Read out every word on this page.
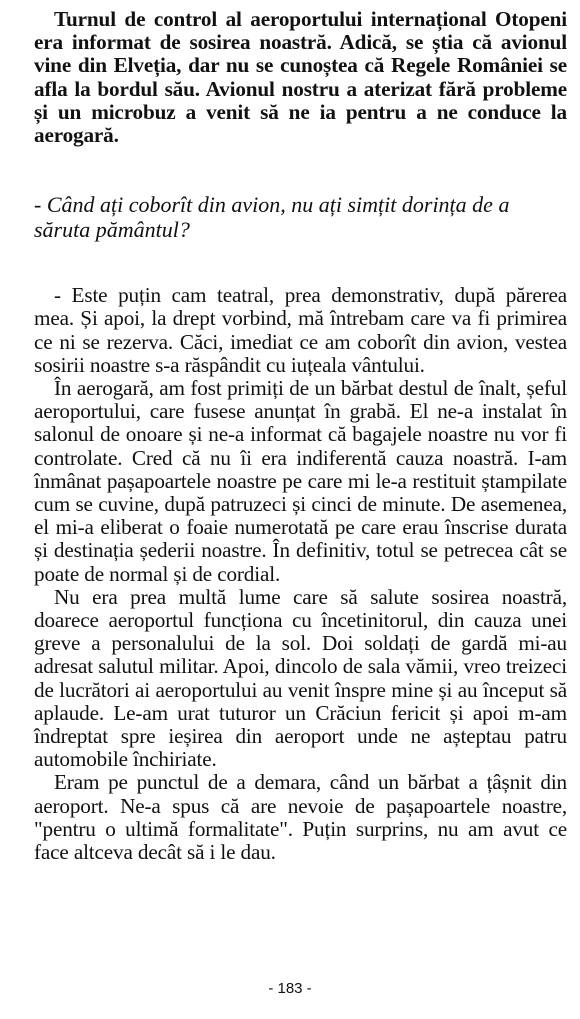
Turnul de control al aeroportului internațional Otopeni era informat de sosirea noastră. Adică, se știa că avionul vine din Elveția, dar nu se cunoștea că Regele României se afla la bordul său. Avionul nostru a aterizat fără probleme și un microbuz a venit să ne ia pentru a ne conduce la aerogară.

- Când ați coborît din avion, nu ați simțit dorința de a săruta pământul?

- Este puțin cam teatral, prea demonstrativ, după părerea mea. Și apoi, la drept vorbind, mă întrebam care va fi primirea ce ni se rezerva. Căci, imediat ce am coborît din avion, vestea sosirii noastre s-a răspândit cu iuțeala vântului.

În aerogară, am fost primiți de un bărbat destul de înalt, șeful aeroportului, care fusese anunțat în grabă. El ne-a instalat în salonul de onoare și ne-a informat că bagajele noastre nu vor fi controlate. Cred că nu îi era indiferentă cauza noastră. I-am înmânat pașapoartele noastre pe care mi le-a restituit ștampilate cum se cuvine, după patruzeci și cinci de minute. De asemenea, el mi-a eliberat o foaie numerotată pe care erau înscrise durata și destinația șederii noastre. În definitiv, totul se petrecea cât se poate de normal și de cordial.

Nu era prea multă lume care să salute sosirea noastră, doarece aeroportul funcționa cu încetinitorul, din cauza unei greve a personalului de la sol. Doi soldați de gardă mi-au adresat salutul militar. Apoi, dincolo de sala vămii, vreo treizeci de lucrători ai aeroportului au venit înspre mine și au început să aplaude. Le-am urat tuturor un Crăciun fericit și apoi m-am îndreptat spre ieșirea din aeroport unde ne așteptau patru automobile închiriate.

Eram pe punctul de a demara, când un bărbat a țâșnit din aeroport. Ne-a spus că are nevoie de pașapoartele noastre, "pentru o ultimă formalitate". Puțin surprins, nu am avut ce face altceva decât să i le dau.

- 183 -
